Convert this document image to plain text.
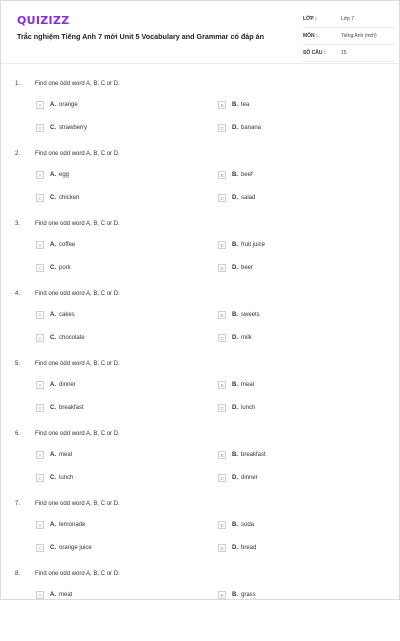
QUIZIZZ
Trắc nghiệm Tiếng Anh 7 mới Unit 5 Vocabulary and Grammar có đáp án
LỚP :	Lớp 7
MÔN :	Tiếng Anh (mới)
SỐ CÂU :	15
1.	Find one odd word A, B, C or D.
A	A. orange	B	B. tea
C	C. strawberry	D	D. banana
2.	Find one odd word A, B, C or D.
A	A. egg	B	B. beef
C	C. chicken	D	D. salad
3.	Find one odd word A, B, C or D.
A	A. coffee	B	B. fruit juice
C	C. pork	D	D. beer
4.	Find one odd word A, B, C or D.
A	A. cakes	B	B. sweets
C	C. chocolate	D	D. milk
5.	Find one odd word A, B, C or D.
A	A. dinner	B	B. meal
C	C. breakfast	D	D. lunch
6.	Find one odd word A, B, C or D.
A	A. meal	B	B. breakfast
C	C. lunch	D	D. dinner
7.	Find one odd word A, B, C or D.
A	A. lemonade	B	B. soda
C	C. orange juice	D	D. bread
8.	Find one odd word A, B, C or D.
A	A. meat	B	B. grass
